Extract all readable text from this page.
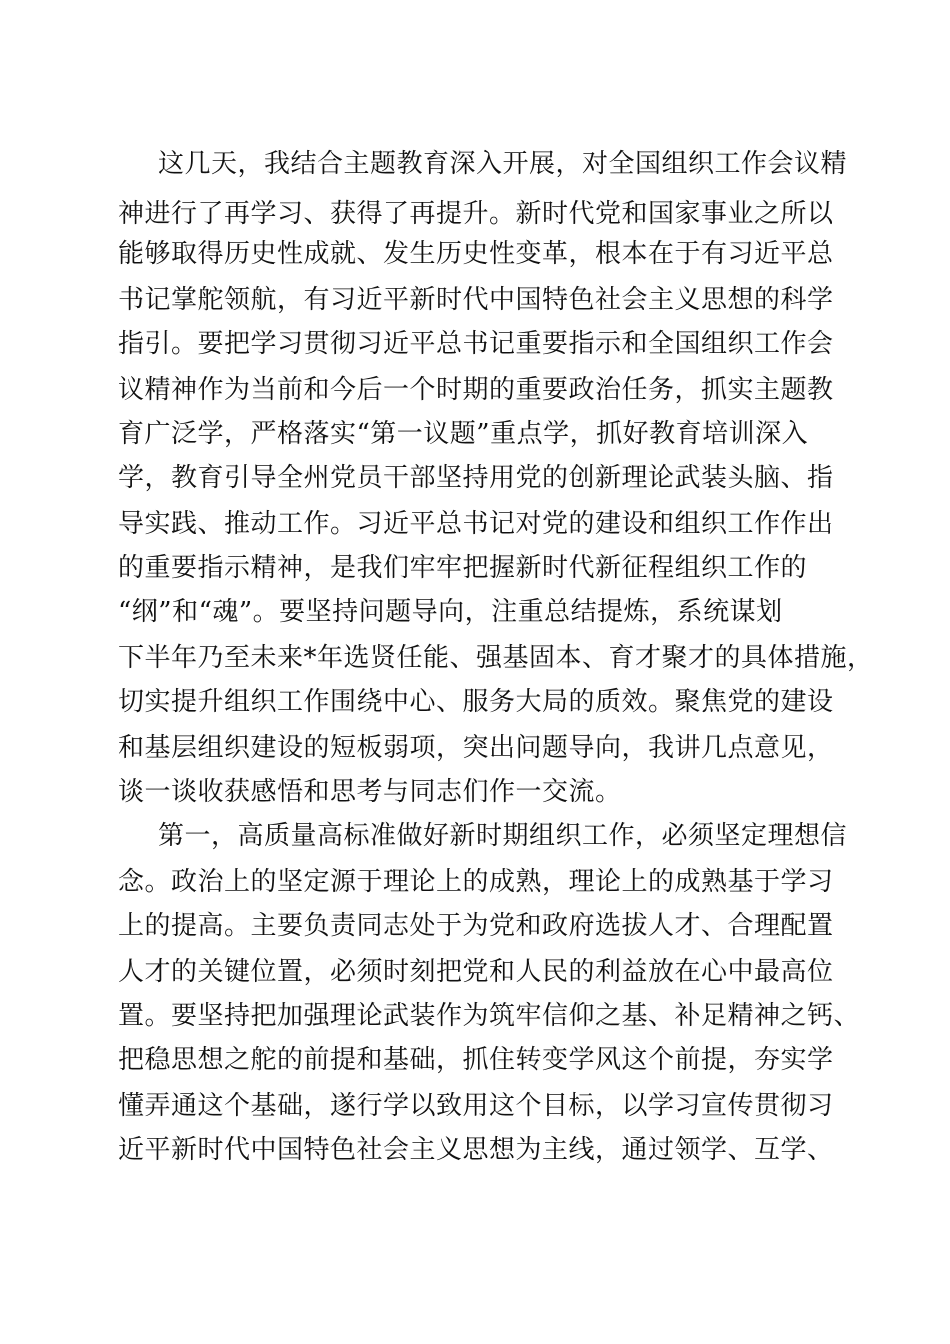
这几天，我结合主题教育深入开展，对全国组织工作会议精
神进行了再学习、获得了再提升。新时代党和国家事业之所以
能够取得历史性成就、发生历史性变革，根本在于有习近平总
书记掌舵领航，有习近平新时代中国特色社会主义思想的科学
指引。要把学习贯彻习近平总书记重要指示和全国组织工作会
议精神作为当前和今后一个时期的重要政治任务，抓实主题教
育广泛学，严格落实“第一议题”重点学，抓好教育培训深入
学，教育引导全州党员干部坚持用党的创新理论武装头脑、指
导实践、推动工作。习近平总书记对党的建设和组织工作作出
的重要指示精神，是我们牢牢把握新时代新征程组织工作的
“纲”和“魂”。要坚持问题导向，注重总结提炼，系统谋划
下半年乃至未来*年选贤任能、强基固本、育才聚才的具体措施，
切实提升组织工作围绕中心、服务大局的质效。聚焦党的建设
和基层组织建设的短板弱项，突出问题导向，我讲几点意见，
谈一谈收获感悟和思考与同志们作一交流。
第一，高质量高标准做好新时期组织工作，必须坚定理想信
念。政治上的坚定源于理论上的成熟，理论上的成熟基于学习
上的提高。主要负责同志处于为党和政府选拔人才、合理配置
人才的关键位置，必须时刻把党和人民的利益放在心中最高位
置。要坚持把加强理论武装作为筑牢信仰之基、补足精神之钙、
把稳思想之舵的前提和基础，抓住转变学风这个前提，夯实学
懂弄通这个基础，遂行学以致用这个目标，以学习宣传贯彻习
近平新时代中国特色社会主义思想为主线，通过领学、互学、
